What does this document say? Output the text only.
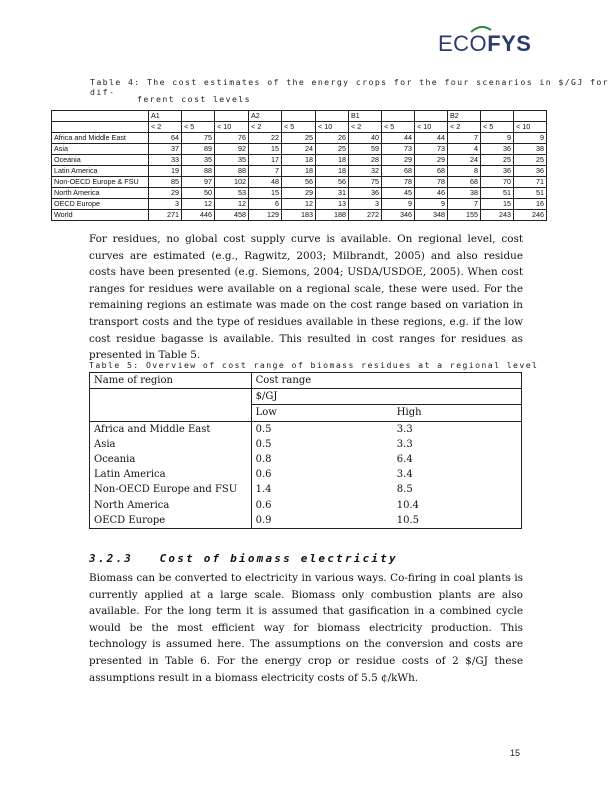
ECOFYS
Table 4: The cost estimates of the energy crops for the four scenarios in $/GJ for dif-
ferent cost levels
	A1			A2			B1			B2		
	< 2	< 5	< 10	< 2	< 5	< 10	< 2	< 5	< 10	< 2	< 5	< 10
Africa and Middle East	64	75	76	22	25	26	40	44	44	7	9	9
Asia	37	89	92	15	24	25	59	73	73	4	36	38
Oceania	33	35	35	17	18	18	28	29	29	24	25	25
Latin America	19	88	88	7	18	18	32	68	68	8	36	36
Non-OECD Europe & FSU	85	97	102	48	56	56	75	78	78	68	70	71
North America	29	50	53	15	29	31	36	45	46	38	51	51
OECD Europe	3	12	12	6	12	13	3	9	9	7	15	16
World	271	446	458	129	183	188	272	346	348	155	243	246
For residues, no global cost supply curve is available. On regional level, cost curves are estimated (e.g., Ragwitz, 2003; Milbrandt, 2005) and also residue costs have been presented (e.g. Siemons, 2004; USDA/USDOE, 2005). When cost ranges for residues were available on a regional scale, these were used. For the remaining regions an estimate was made on the cost range based on variation in transport costs and the type of residues available in these regions, e.g. if the low cost residue bagasse is available. This resulted in cost ranges for residues as presented in Table 5.
Table 5: Overview of cost range of biomass residues at a regional level
Name of region	Cost range	
	$/GJ	
	Low	High
Africa and Middle East	0.5	3.3
Asia	0.5	3.3
Oceania	0.8	6.4
Latin America	0.6	3.4
Non-OECD Europe and FSU	1.4	8.5
North America	0.6	10.4
OECD Europe	0.9	10.5
3.2.3 Cost of biomass electricity
Biomass can be converted to electricity in various ways. Co-firing in coal plants is currently applied at a large scale. Biomass only combustion plants are also available. For the long term it is assumed that gasification in a combined cycle would be the most efficient way for biomass electricity production. This technology is assumed here. The assumptions on the conversion and costs are presented in Table 6. For the energy crop or residue costs of 2 $/GJ these assumptions result in a biomass electricity costs of 5.5 ¢/kWh.
15
